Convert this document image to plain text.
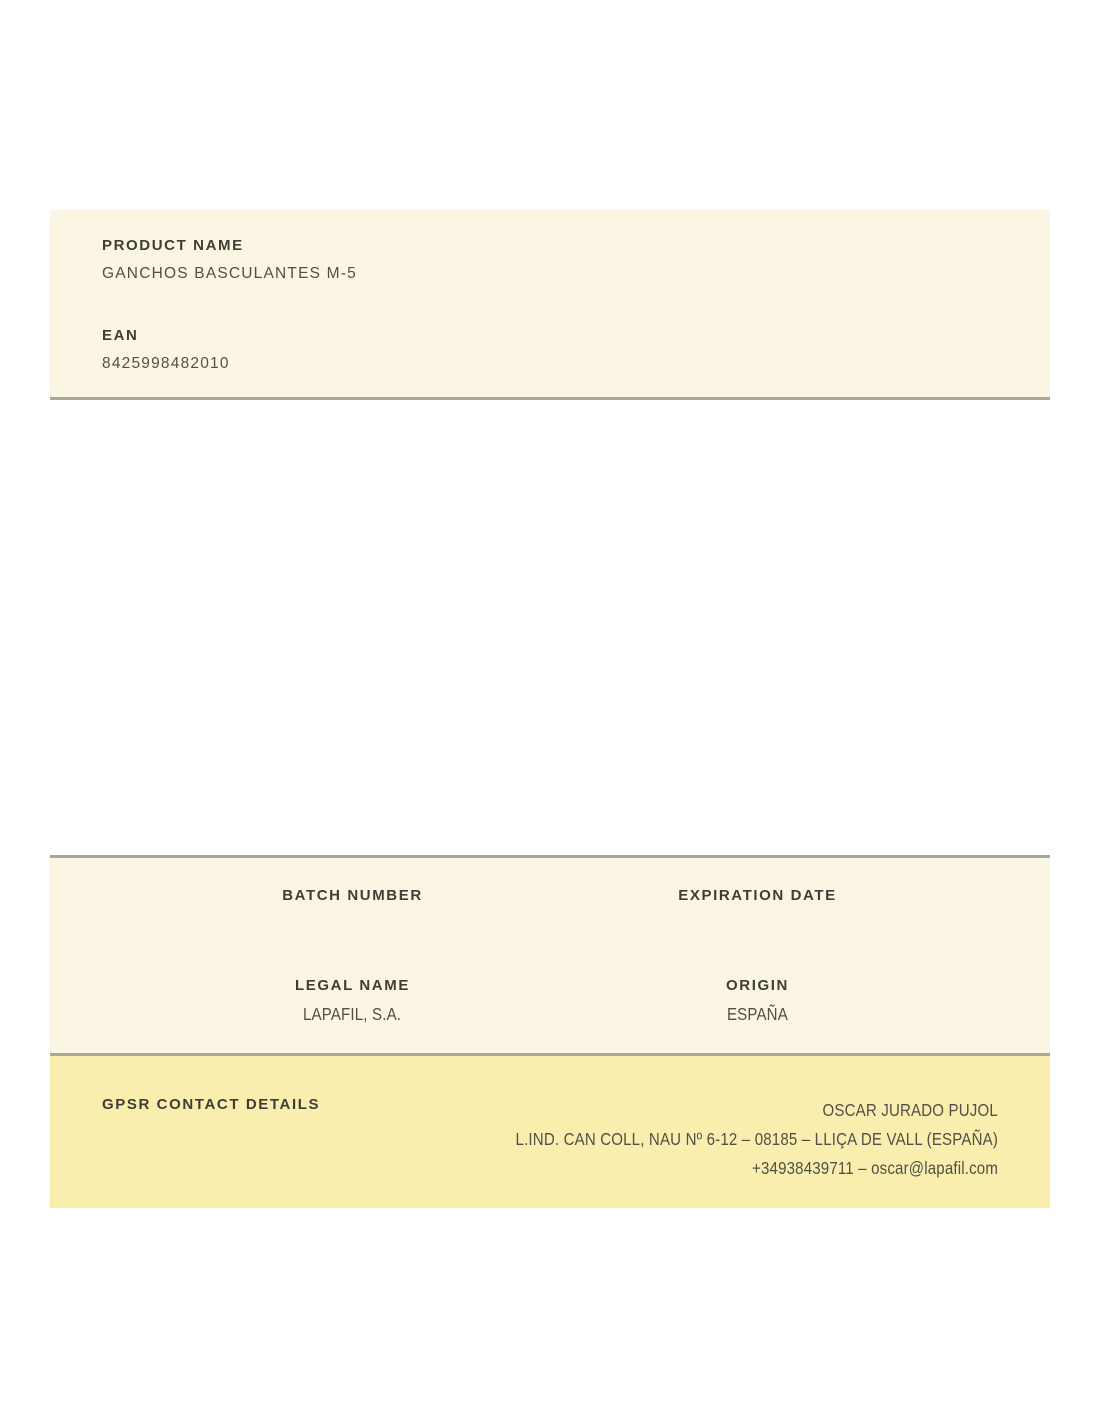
PRODUCT NAME
GANCHOS BASCULANTES M-5
EAN
8425998482010
BATCH NUMBER	EXPIRATION DATE
LEGAL NAME
LAPAFIL, S.A.
ORIGIN
ESPAÑA
GPSR CONTACT DETAILS	OSCAR JURADO PUJOL
L.IND. CAN COLL, NAU Nº 6-12 – 08185 – LLIÇA DE VALL (ESPAÑA)
+34938439711 – oscar@lapafil.com
